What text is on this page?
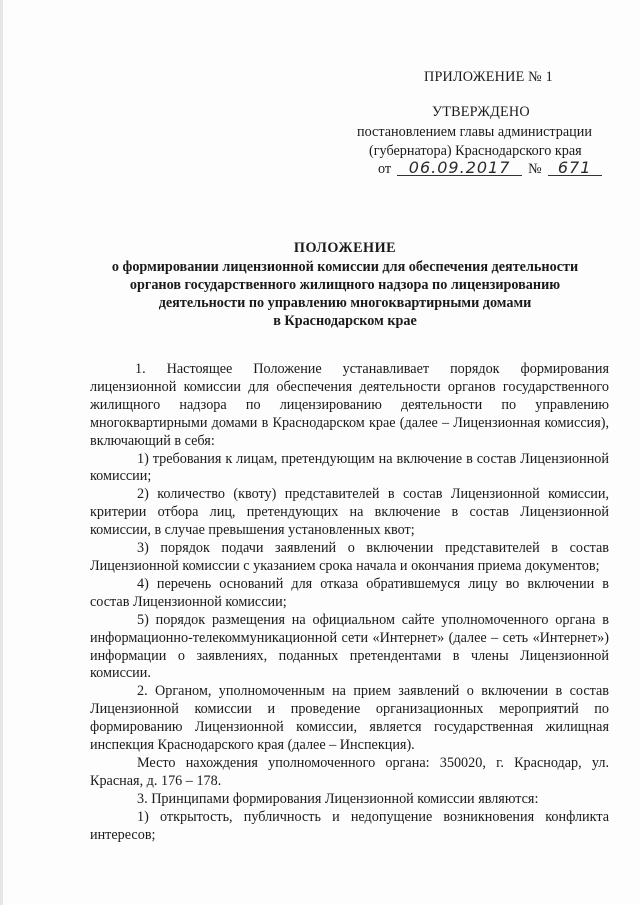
ПРИЛОЖЕНИЕ № 1
УТВЕРЖДЕНО
постановлением главы администрации
(губернатора) Краснодарского края
от 06.09.2017 № 671
ПОЛОЖЕНИЕ
о формировании лицензионной комиссии для обеспечения деятельности
органов государственного жилищного надзора по лицензированию
деятельности по управлению многоквартирными домами
в Краснодарском крае

1. Настоящее Положение устанавливает порядок формирования лицензионной комиссии для обеспечения деятельности органов государственного жилищного надзора по лицензированию деятельности по управлению многоквартирными домами в Краснодарском крае (далее – Лицензионная комиссия), включающий в себя:

1) требования к лицам, претендующим на включение в состав Лицензионной комиссии;

2) количество (квоту) представителей в состав Лицензионной комиссии, критерии отбора лиц, претендующих на включение в состав Лицензионной комиссии, в случае превышения установленных квот;

3) порядок подачи заявлений о включении представителей в состав Лицензионной комиссии с указанием срока начала и окончания приема документов;

4) перечень оснований для отказа обратившемуся лицу во включении в состав Лицензионной комиссии;

5) порядок размещения на официальном сайте уполномоченного органа в информационно-телекоммуникационной сети «Интернет» (далее – сеть «Интернет») информации о заявлениях, поданных претендентами в члены Лицензионной комиссии.

2. Органом, уполномоченным на прием заявлений о включении в состав Лицензионной комиссии и проведение организационных мероприятий по формированию Лицензионной комиссии, является государственная жилищная инспекция Краснодарского края (далее – Инспекция).

Место нахождения уполномоченного органа: 350020, г. Краснодар, ул. Красная, д. 176 – 178.

3. Принципами формирования Лицензионной комиссии являются:

1) открытость, публичность и недопущение возникновения конфликта интересов;
